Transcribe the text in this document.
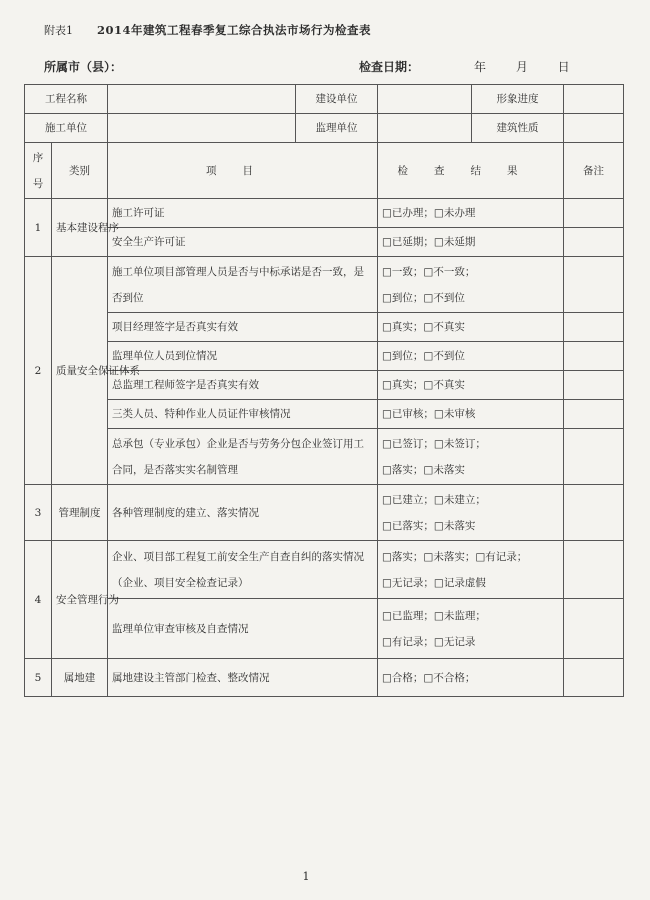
附表1 2014年建筑工程春季复工综合执法市场行为检查表
所属市（县）：	检查日期：	年 月 日
工程名称			建设单位		形象进度	
施工单位			监理单位		建筑性质	
序号	类别	项目		检查结果		备注
1	基本建设程序	施工许可证		□已办理；□未办理		
		安全生产许可证		□已延期；□未延期		
2	质量安全保证体系	施工单位项目部管理人员是否与中标承诺是否一致，是否到位		□一致；□不一致；
□到位；□不到位		

		项目经理签字是否真实有效		□真实；□不真实		
		监理单位人员到位情况		□到位；□不到位		
		总监理工程师签字是否真实有效		□真实；□不真实		
		三类人员、特种作业人员证件审核情况		□已审核；□未审核		
		总承包（专业承包）企业是否与劳务分包企业签订用工合同，是否落实实名制管理		□已签订；□未签订；
□落实；□未落实		

3	管理制度	各种管理制度的建立、落实情况		□已建立；□未建立；
□已落实；□未落实		

4	安全管理行为	企业、项目部工程复工前安全生产自查自纠的落实情况（企业、项目安全检查记录）		□落实；□未落实；□有记录；
□无记录；□记录虚假		

		监理单位审查审核及自查情况		□已监理；□未监理；
□有记录；□无记录		

5	属地建	属地建设主管部门检查、整改情况		□合格；□不合格；		
1
